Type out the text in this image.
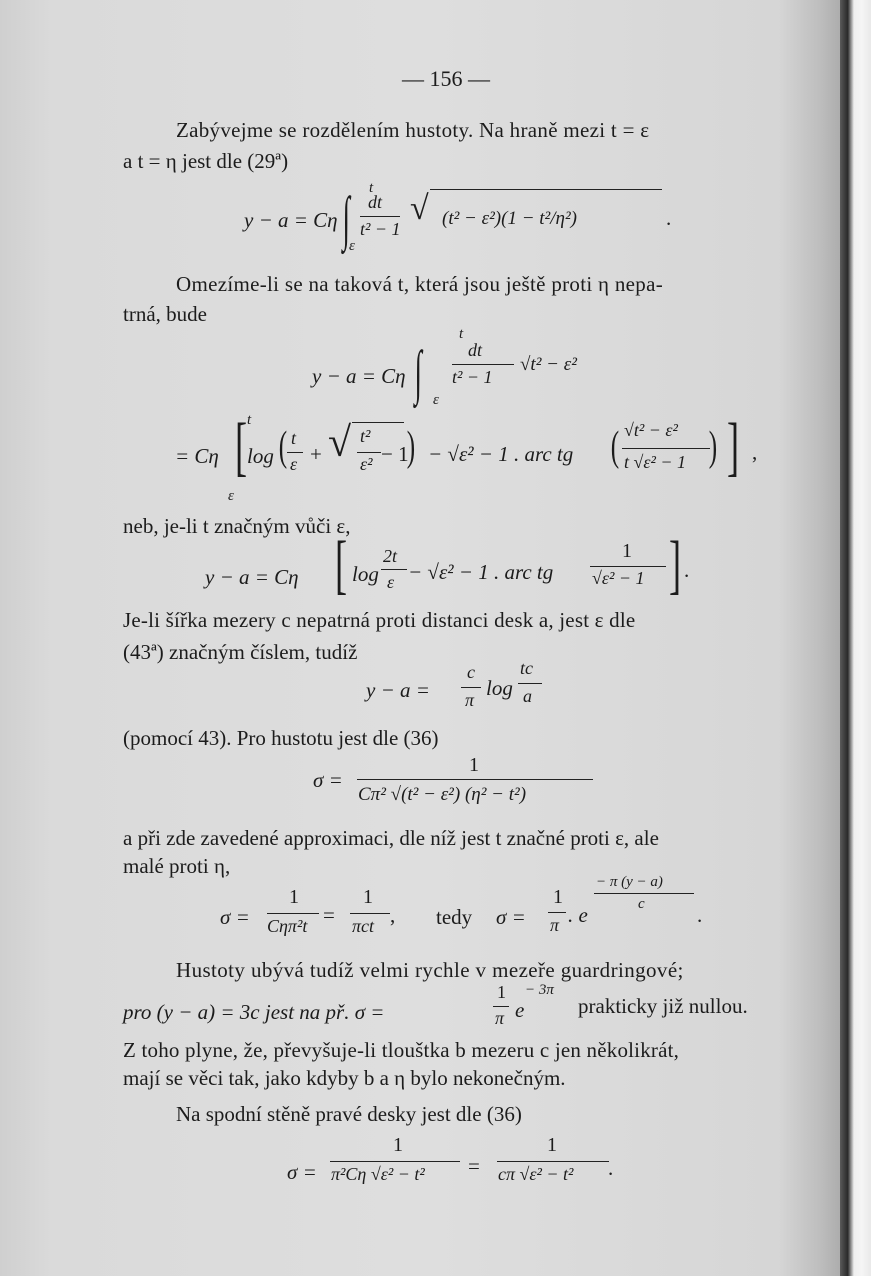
— 156 —
Zabývejme se rozdělením hustoty. Na hraně mezi t = ε
a t = η jest dle (29ª)
y − a = Cη ∫ t
ε
dt
t² − 1
√ (t² − ε²)(1 − t²/η²)	.
Omezíme-li se na taková t, která jsou ještě proti η nepa-
trná, bude
y − a = Cη ∫
t
ε
dt
t² − 1
√t² − ε²
t
= Cη [ log ( t
ε + √ t²
ε² − 1
) − √ε² − 1 . arc tg ( √t² − ε²
t √ε² − 1 ) ] ,
ε
neb, je-li t značným vůči ε,
y − a = Cη [ log
2t
ε − √ε² − 1 . arc tg
1
√ε² − 1 ] .
Je-li šířka mezery c nepatrná proti distanci desk a, jest ε dle
(43ª) značným číslem, tudíž
y − a =
c
π log
tc
a
(pomocí 43). Pro hustotu jest dle (36)
σ =
1
Cπ² √(t² − ε²) (η² − t²)
a při zde zavedené approximaci, dle níž jest t značné proti ε, ale
malé proti η,
σ =
1
Cηπ²t =
1
πct , tedy σ =
1
π . e
− π (y − a)
c .
Hustoty ubývá tudíž velmi rychle v mezeře guardringové;
pro (y − a) = 3c jest na př. σ =
1
π e
− 3π
prakticky již nullou.
Z toho plyne, že, převyšuje-li tlouštka b mezeru c jen několikrát,
mají se věci tak, jako kdyby b a η bylo nekonečným.
Na spodní stěně pravé desky jest dle (36)
σ =
1
π²Cη √ε² − t² =
1
cπ √ε² − t² .
